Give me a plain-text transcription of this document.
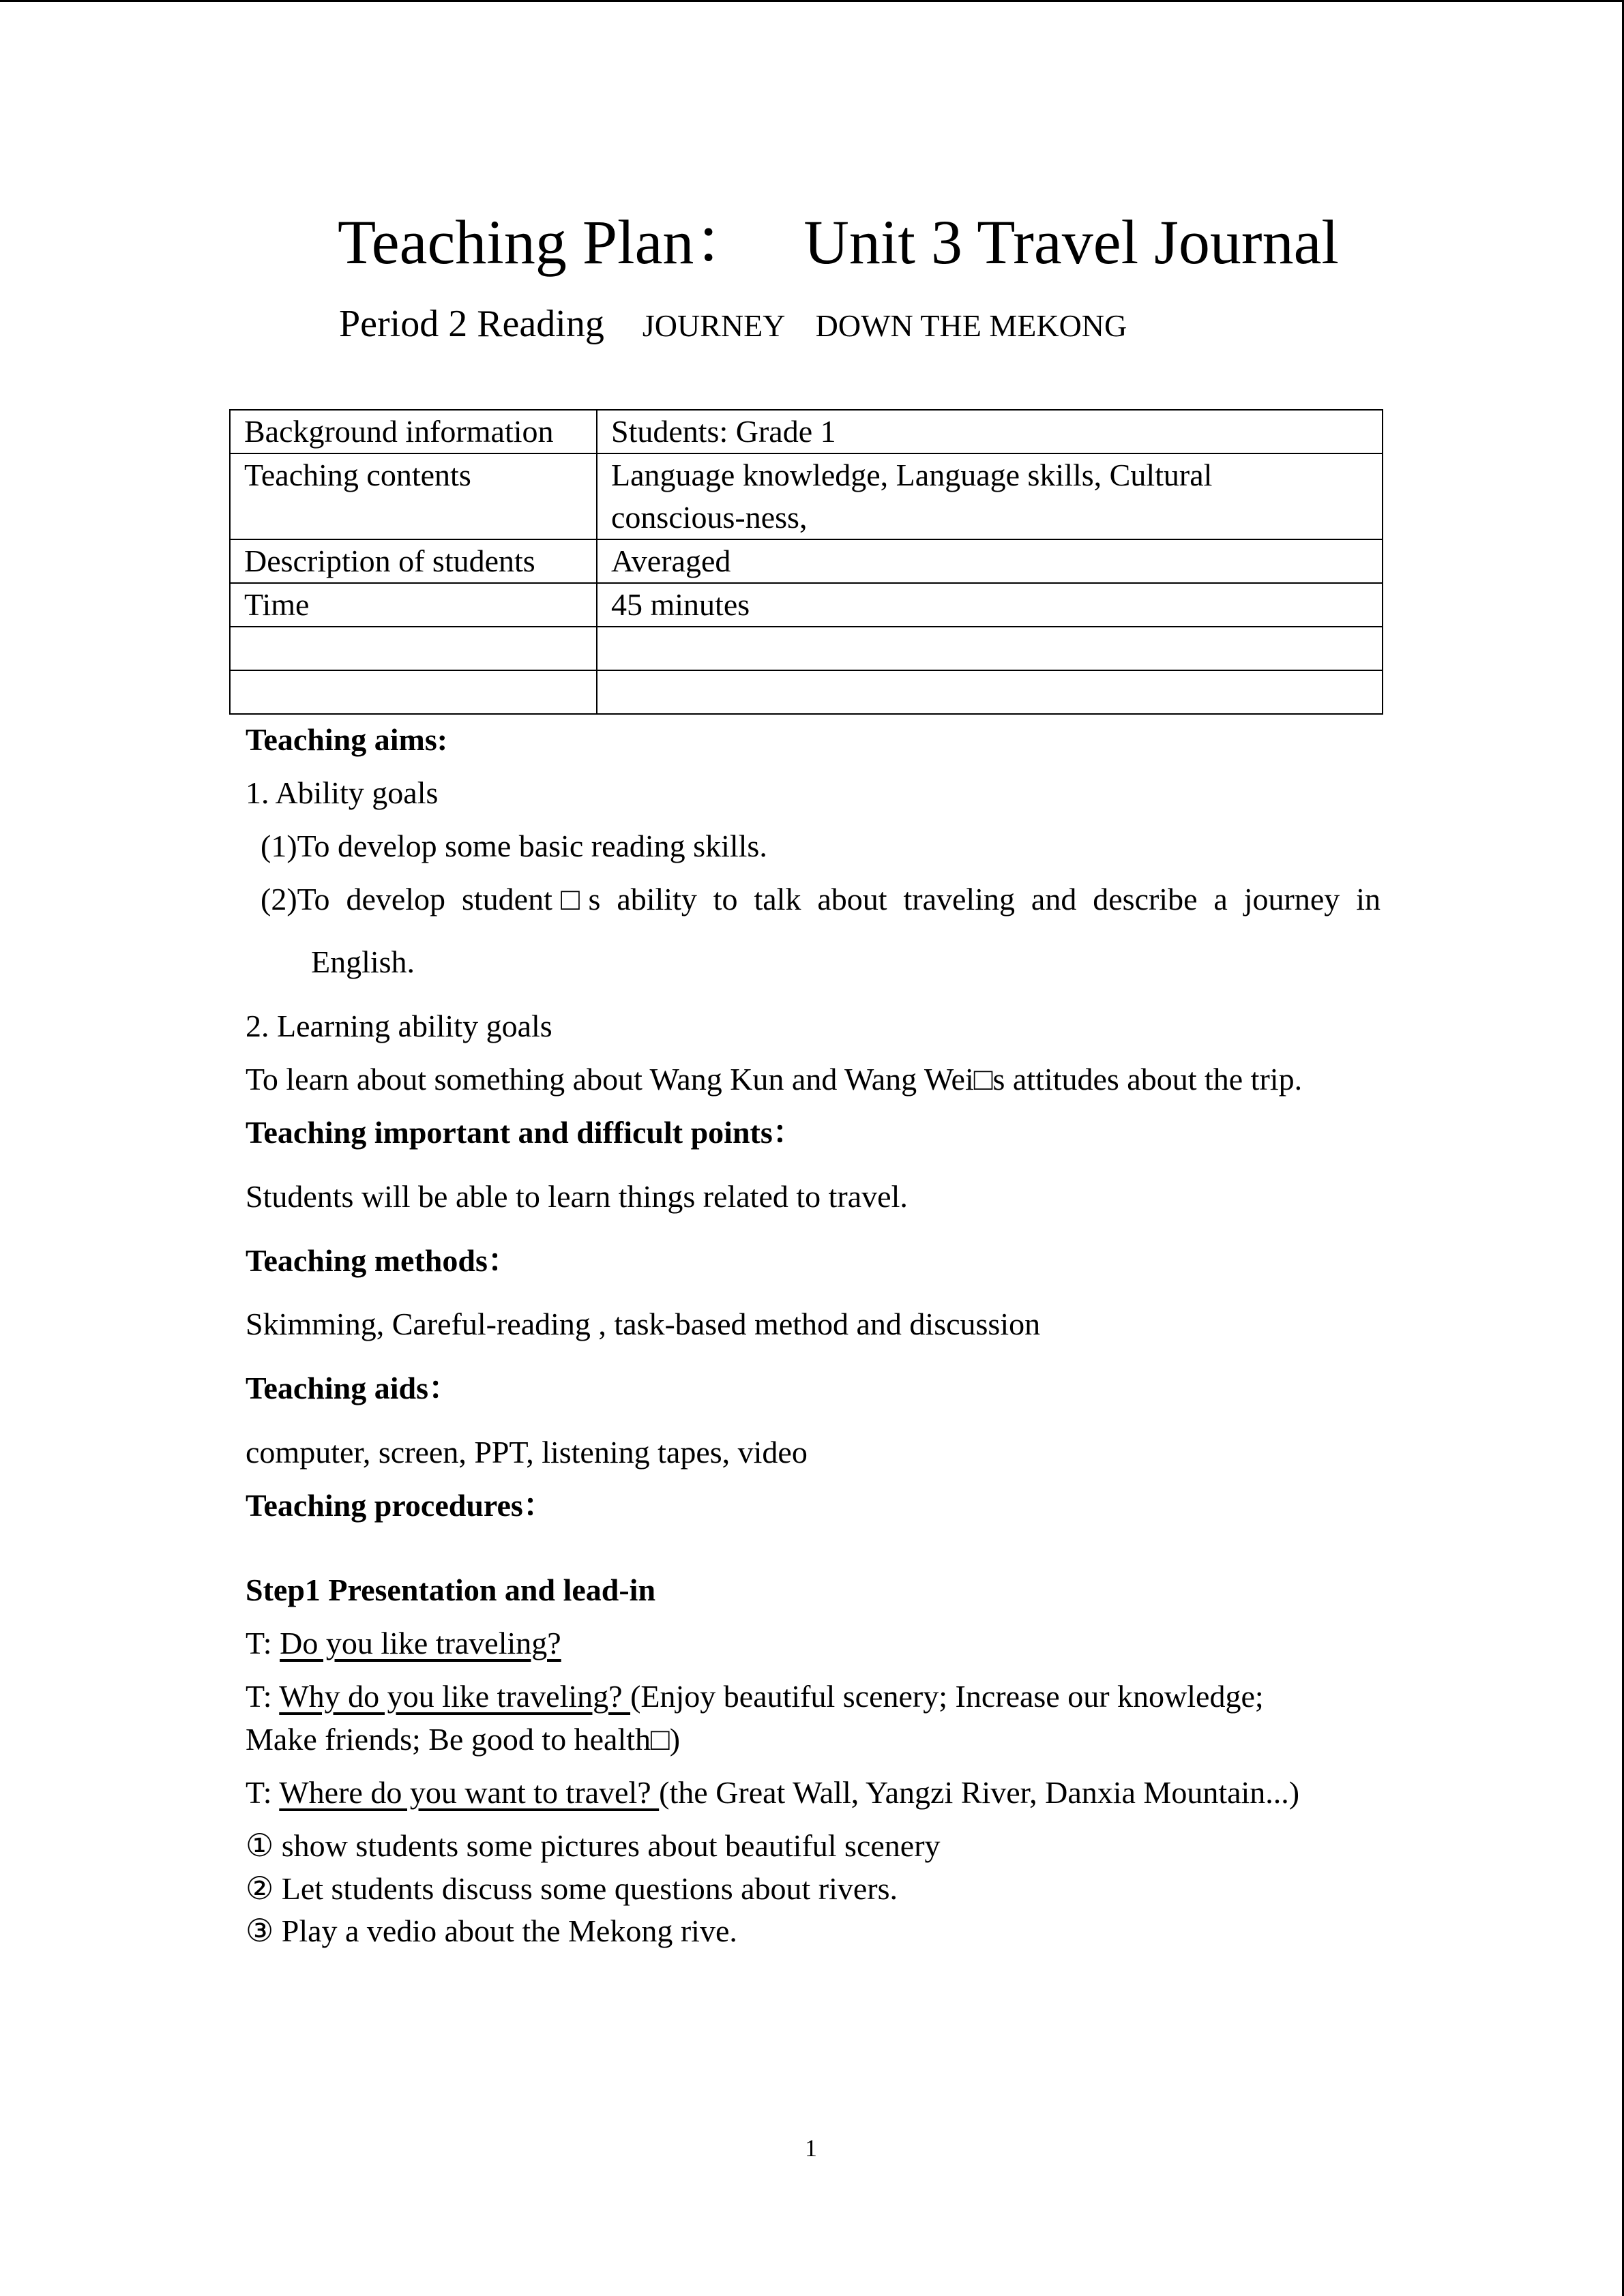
Teaching Plan：   Unit 3 Travel Journal
Period 2 Reading JOURNEY    DOWN THE MEKONG
Background information	Students: Grade 1
Teaching contents	Language knowledge, Language skills, Cultural
conscious-ness,
Description of students	Averaged
Time	45 minutes

Teaching aims:
1. Ability goals
(1)To develop some basic reading skills.
(2)To develop student□s ability to talk about traveling and describe a journey in
English.
2. Learning ability goals
To learn about something about Wang Kun and Wang Wei□s attitudes about the trip.
Teaching important and difficult points：
Students will be able to learn things related to travel.
Teaching methods：
Skimming, Careful-reading , task-based method and discussion
Teaching aids：
computer, screen, PPT, listening tapes, video
Teaching procedures：
Step1 Presentation and lead-in
T: Do you like traveling?
T: Why do you like traveling? (Enjoy beautiful scenery; Increase our knowledge;
Make friends; Be good to health□)
T: Where do you want to travel? (the Great Wall, Yangzi River, Danxia Mountain...)
① show students some pictures about beautiful scenery
② Let students discuss some questions about rivers.
③ Play a vedio about the Mekong rive.
1
